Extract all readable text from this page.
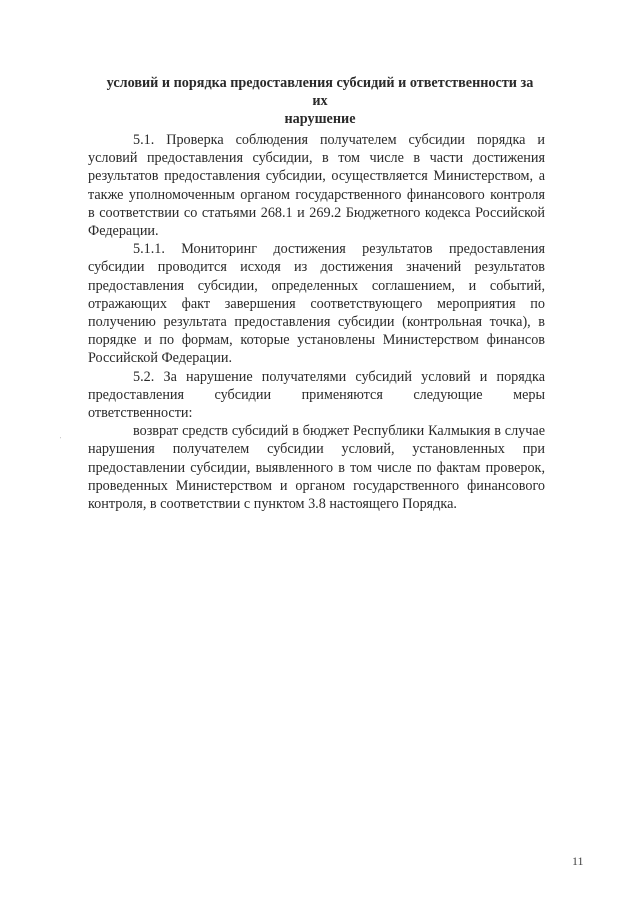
условий и порядка предоставления субсидий и ответственности за их
нарушение

5.1. Проверка соблюдения получателем субсидии порядка и условий предоставления субсидии, в том числе в части достижения результатов предоставления субсидии, осуществляется Министерством, а также уполномоченным органом государственного финансового контроля в соответствии со статьями 268.1 и 269.2 Бюджетного кодекса Российской Федерации.

5.1.1. Мониторинг достижения результатов предоставления субсидии проводится исходя из достижения значений результатов предоставления субсидии, определенных соглашением, и событий, отражающих факт завершения соответствующего мероприятия по получению результата предоставления субсидии (контрольная точка), в порядке и по формам, которые установлены Министерством финансов Российской Федерации.

5.2. За нарушение получателями субсидий условий и порядка предоставления субсидии применяются следующие меры ответственности:

возврат средств субсидий в бюджет Республики Калмыкия в случае нарушения получателем субсидии условий, установленных при предоставлении субсидии, выявленного в том числе по фактам проверок, проведенных Министерством и органом государственного финансового контроля, в соответствии с пунктом 3.8 настоящего Порядка.

'
11
